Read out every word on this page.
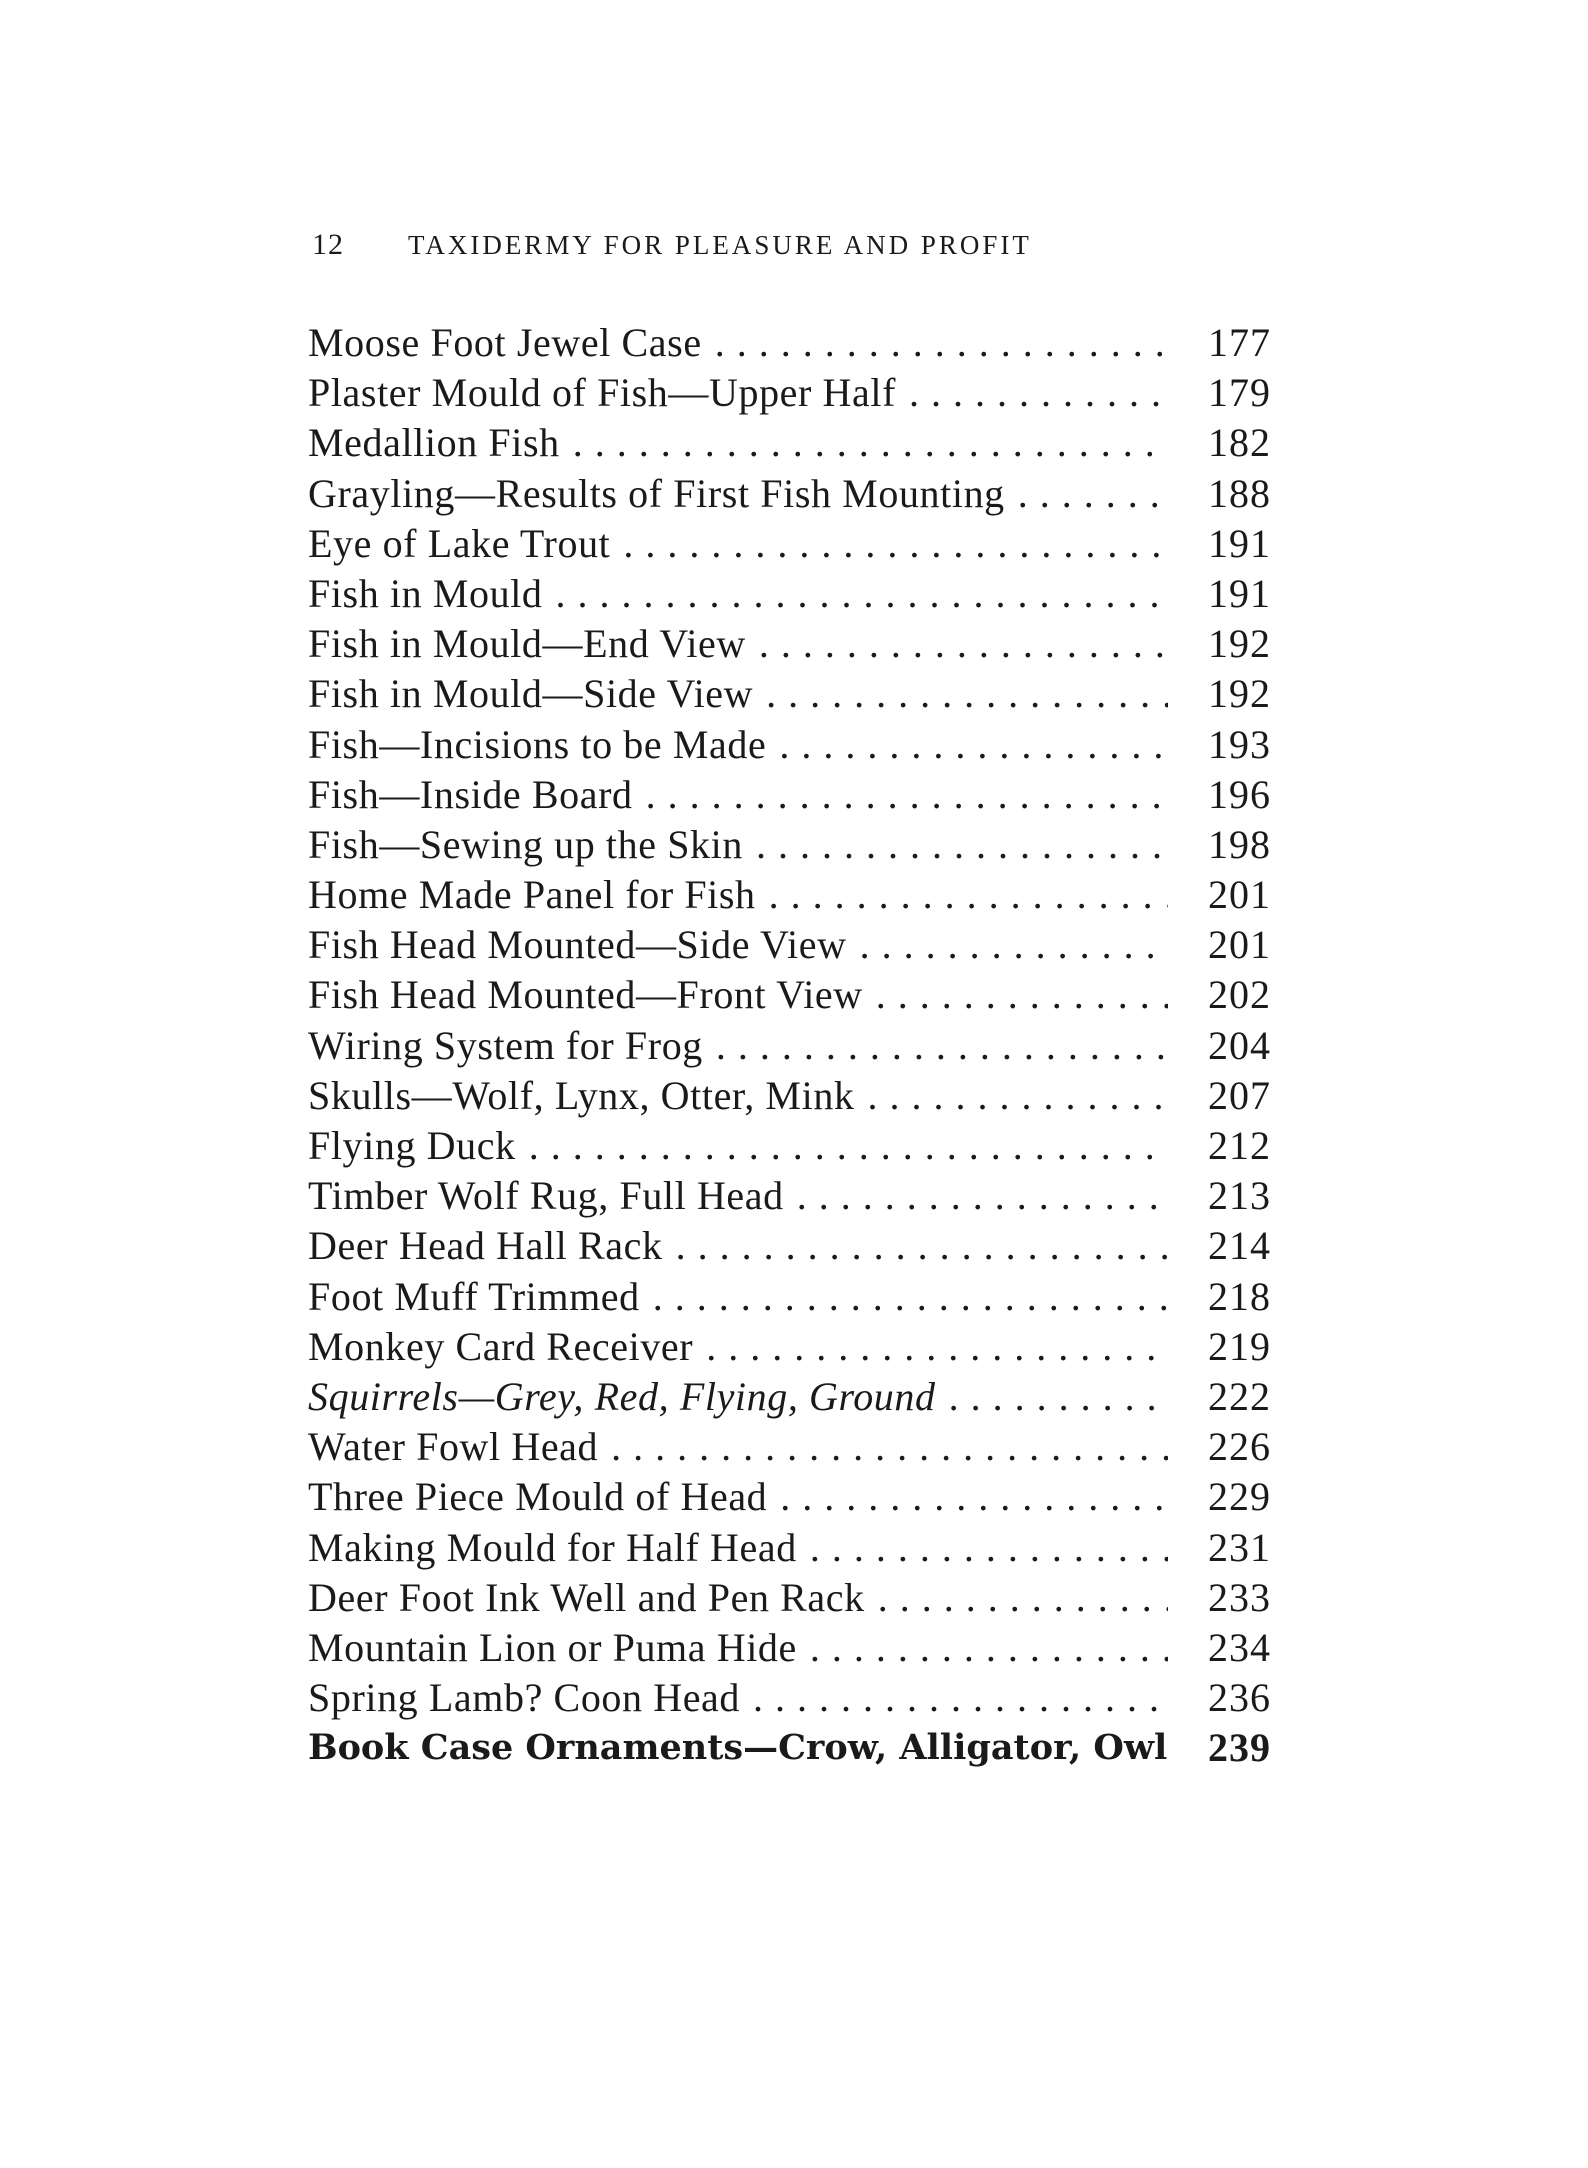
12 TAXIDERMY FOR PLEASURE AND PROFIT
Moose Foot Jewel Case . . .	177
Plaster Mould of Fish—Upper Half . . .	179
Medallion Fish . . .	182
Grayling—Results of First Fish Mounting . . .	188
Eye of Lake Trout . . .	191
Fish in Mould . . .	191
Fish in Mould—End View . . .	192
Fish in Mould—Side View . . .	192
Fish—Incisions to be Made . . .	193
Fish—Inside Board . . .	196
Fish—Sewing up the Skin . . .	198
Home Made Panel for Fish . . .	201
Fish Head Mounted—Side View . . .	201
Fish Head Mounted—Front View . . .	202
Wiring System for Frog . . .	204
Skulls—Wolf, Lynx, Otter, Mink . . .	207
Flying Duck . . .	212
Timber Wolf Rug, Full Head . . .	213
Deer Head Hall Rack . . .	214
Foot Muff Trimmed . . .	218
Monkey Card Receiver . . .	219
Squirrels—Grey, Red, Flying, Ground . . .	222
Water Fowl Head . . .	226
Three Piece Mould of Head . . .	229
Making Mould for Half Head . . .	231
Deer Foot Ink Well and Pen Rack . . .	233
Mountain Lion or Puma Hide . . .	234
Spring Lamb? Coon Head . . .	236
Book Case Ornaments—Crow, Alligator, Owl 239
